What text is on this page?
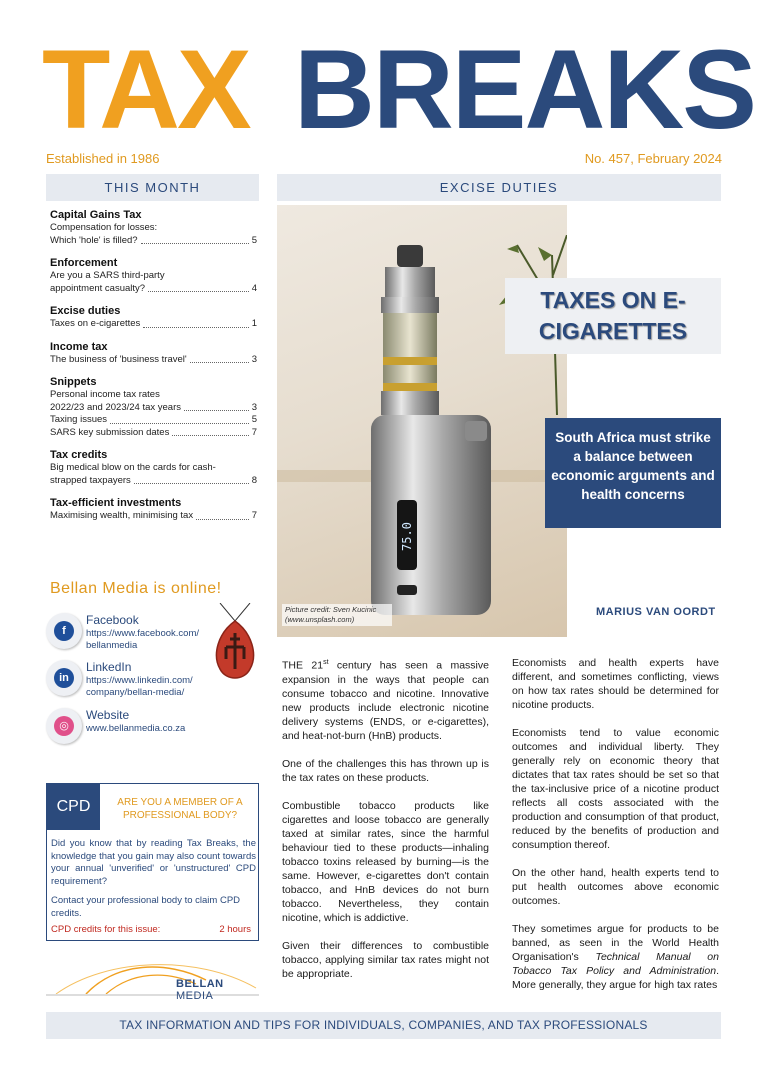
TAX BREAKS
Established in 1986	No. 457, February 2024
THIS MONTH	EXCISE DUTIES
Capital Gains Tax
Compensation for losses:
Which 'hole' is filled?	5
Enforcement
Are you a SARS third-party
appointment casualty?	4
Excise duties
Taxes on e-cigarettes	1
Income tax
The business of 'business travel'	3
Snippets
Personal income tax rates
2022/23 and 2023/24 tax years	3
Taxing issues	5
SARS key submission dates	7
Tax credits
Big medical blow on the cards for cash-
strapped taxpayers	8
Tax-efficient investments
Maximising wealth, minimising tax	7
Bellan Media is online!
f
Facebook
https://www.facebook.com/ bellanmedia
in
LinkedIn
https://www.linkedin.com/ company/bellan-media/
◎
Website
www.bellanmedia.co.za
CPD	ARE YOU A MEMBER OF A PROFESSIONAL BODY?
Did you know that by reading Tax Breaks, the knowledge that you gain may also count towards your annual 'unverified' or 'unstructured' CPD requirement?
Contact your professional body to claim CPD credits.
CPD credits for this issue:	2 hours
BELLAN MEDIA
75.0
Picture credit: Sven Kucinic (www.unsplash.com)
TAXES ON E-CIGARETTES
South Africa must strike a balance between economic arguments and health concerns
MARIUS VAN OORDT

THE 21st century has seen a massive expansion in the ways that people can consume tobacco and nicotine. Innovative new products include electronic nicotine delivery systems (ENDS, or e-cigarettes), and heat-not-burn (HnB) products.

One of the challenges this has thrown up is the tax rates on these products.

Combustible tobacco products like cigarettes and loose tobacco are generally taxed at similar rates, since the harmful behaviour tied to these products—inhaling tobacco toxins released by burning—is the same. However, e-cigarettes don't contain tobacco, and HnB devices do not burn tobacco. Nevertheless, they contain nicotine, which is addictive.

Given their differences to combustible tobacco, applying similar tax rates might not be appropriate.

Economists and health experts have different, and sometimes conflicting, views on how tax rates should be determined for nicotine products.

Economists tend to value economic outcomes and individual liberty. They generally rely on economic theory that dictates that tax rates should be set so that the tax-inclusive price of a nicotine product reflects all costs associated with the production and consumption of that product, reduced by the benefits of production and consumption thereof.

On the other hand, health experts tend to put health outcomes above economic outcomes.

They sometimes argue for products to be banned, as seen in the World Health Organisation's Technical Manual on Tobacco Tax Policy and Administration. More generally, they argue for high tax rates

TAX INFORMATION AND TIPS FOR INDIVIDUALS, COMPANIES, AND TAX PROFESSIONALS
